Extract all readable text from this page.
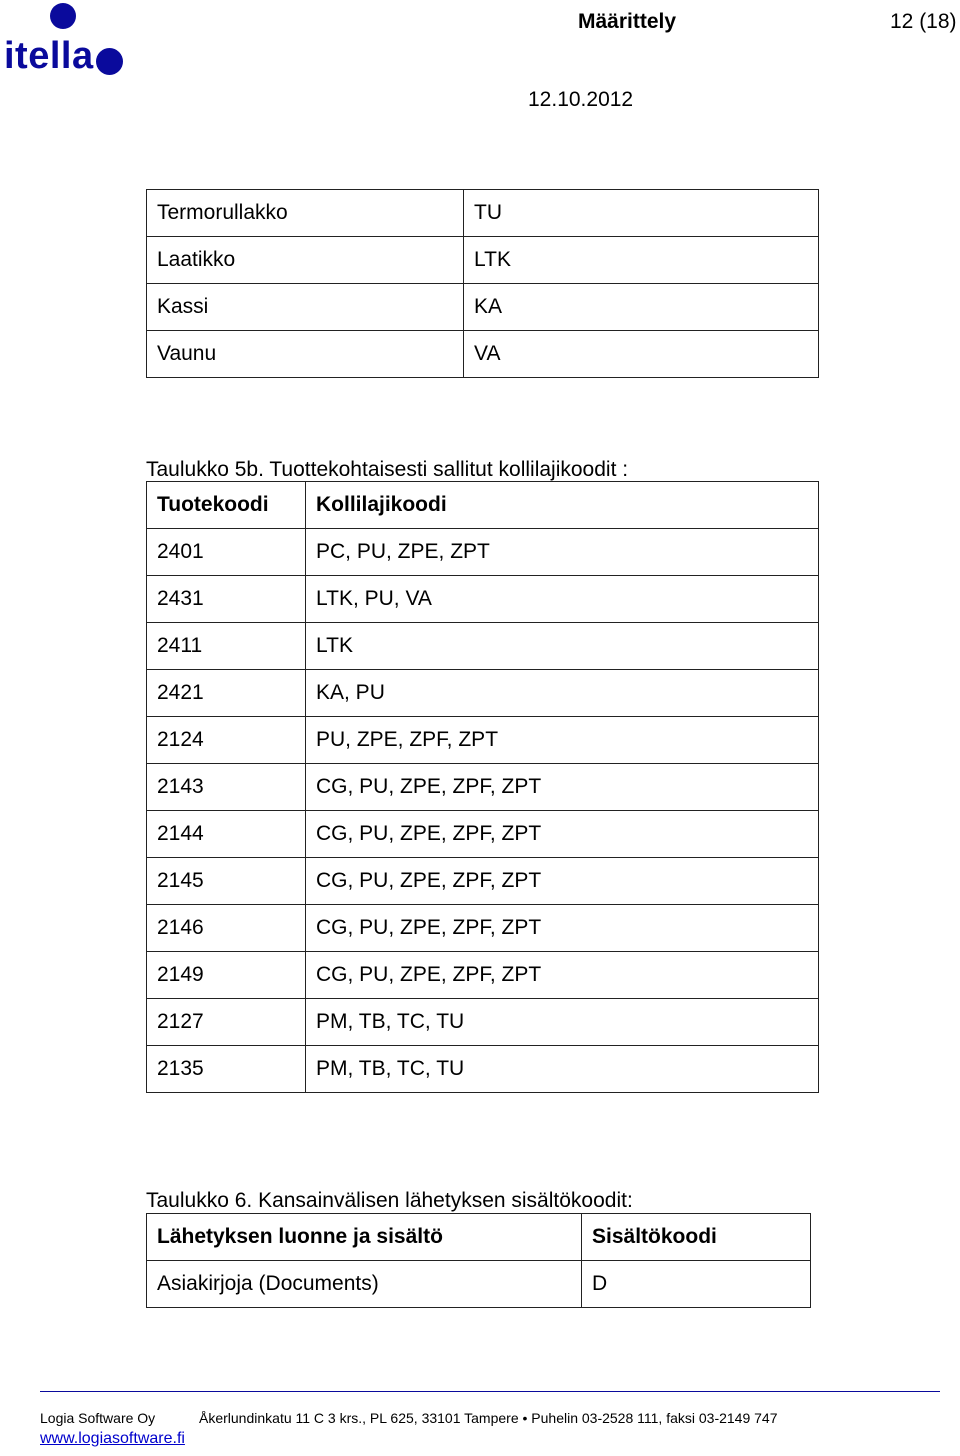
itella
Määrittely	12 (18)
12.10.2012
Termorullakko	TU
Laatikko	LTK
Kassi	KA
Vaunu	VA
Taulukko 5b. Tuottekohtaisesti sallitut kollilajikoodit :
Tuotekoodi	Kollilajikoodi
2401	PC, PU, ZPE, ZPT
2431	LTK, PU, VA
2411	LTK
2421	KA, PU
2124	PU, ZPE, ZPF, ZPT
2143	CG, PU, ZPE, ZPF, ZPT
2144	CG, PU, ZPE, ZPF, ZPT
2145	CG, PU, ZPE, ZPF, ZPT
2146	CG, PU, ZPE, ZPF, ZPT
2149	CG, PU, ZPE, ZPF, ZPT
2127	PM, TB, TC, TU
2135	PM, TB, TC, TU
Taulukko 6. Kansainvälisen lähetyksen sisältökoodit:
Lähetyksen luonne ja sisältö	Sisältökoodi
Asiakirjoja (Documents)	D
Logia Software Oy	Åkerlundinkatu 11 C 3 krs., PL 625, 33101 Tampere • Puhelin 03-2528 111, faksi 03-2149 747
www.logiasoftware.fi
